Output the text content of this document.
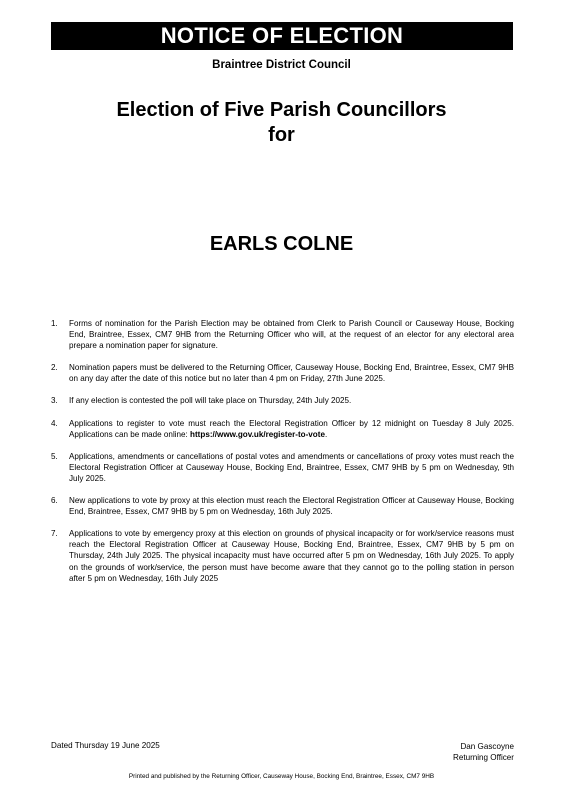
NOTICE OF ELECTION
Braintree District Council
Election of Five Parish Councillors
for
EARLS COLNE
1. Forms of nomination for the Parish Election may be obtained from Clerk to Parish Council or Causeway House, Bocking End, Braintree, Essex, CM7 9HB from the Returning Officer who will, at the request of an elector for any electoral area prepare a nomination paper for signature.
2. Nomination papers must be delivered to the Returning Officer, Causeway House, Bocking End, Braintree, Essex, CM7 9HB on any day after the date of this notice but no later than 4 pm on Friday, 27th June 2025.
3. If any election is contested the poll will take place on Thursday, 24th July 2025.
4. Applications to register to vote must reach the Electoral Registration Officer by 12 midnight on Tuesday 8 July 2025. Applications can be made online: https://www.gov.uk/register-to-vote.
5. Applications, amendments or cancellations of postal votes and amendments or cancellations of proxy votes must reach the Electoral Registration Officer at Causeway House, Bocking End, Braintree, Essex, CM7 9HB by 5 pm on Wednesday, 9th July 2025.
6. New applications to vote by proxy at this election must reach the Electoral Registration Officer at Causeway House, Bocking End, Braintree, Essex, CM7 9HB by 5 pm on Wednesday, 16th July 2025.
7. Applications to vote by emergency proxy at this election on grounds of physical incapacity or for work/service reasons must reach the Electoral Registration Officer at Causeway House, Bocking End, Braintree, Essex, CM7 9HB by 5 pm on Thursday, 24th July 2025. The physical incapacity must have occurred after 5 pm on Wednesday, 16th July 2025. To apply on the grounds of work/service, the person must have become aware that they cannot go to the polling station in person after 5 pm on Wednesday, 16th July 2025
Dated Thursday 19 June 2025	Dan Gascoyne
Returning Officer
Printed and published by the Returning Officer, Causeway House, Bocking End, Braintree, Essex, CM7 9HB
